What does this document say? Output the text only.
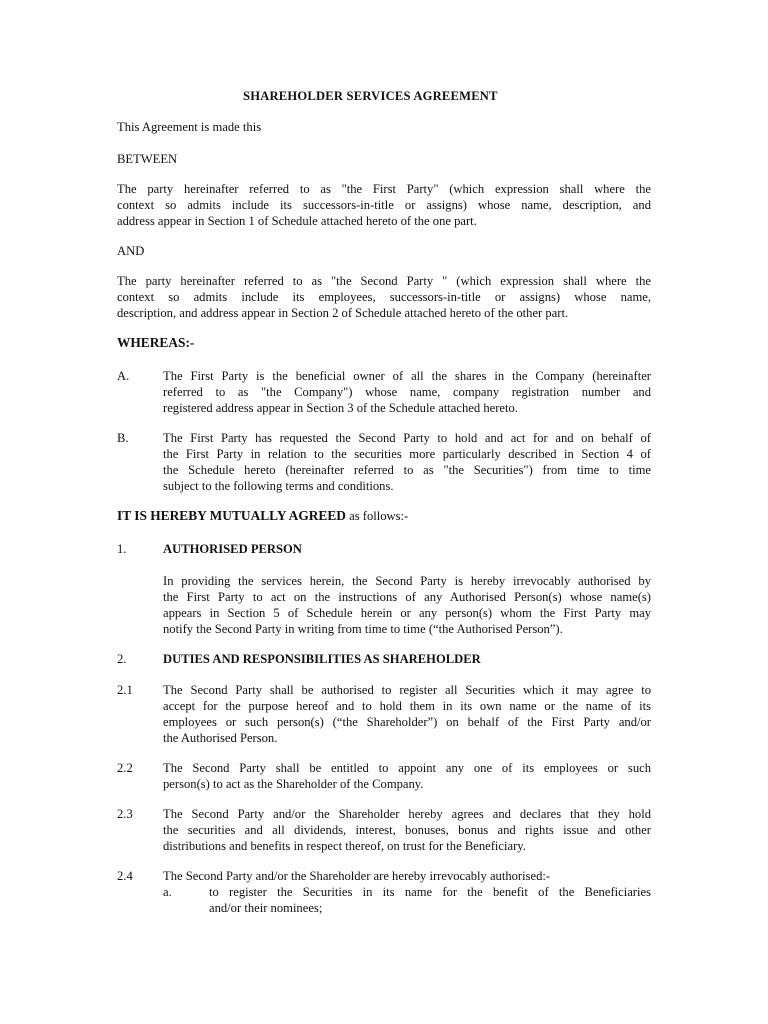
SHAREHOLDER SERVICES AGREEMENT
This Agreement is made this
BETWEEN
The party hereinafter referred to as "the First Party" (which expression shall where the
context so admits include its successors-in-title or assigns) whose name, description, and
address appear in Section 1 of Schedule attached hereto of the one part.
AND
The party hereinafter referred to as "the Second Party " (which expression shall where the
context so admits include its employees, successors-in-title or assigns) whose name,
description, and address appear in Section 2 of Schedule attached hereto of the other part.
WHEREAS:-
A.	The First Party is the beneficial owner of all the shares in the Company (hereinafter
referred to as "the Company") whose name, company registration number and
registered address appear in Section 3 of the Schedule attached hereto.
B.	The First Party has requested the Second Party to hold and act for and on behalf of
the First Party in relation to the securities more particularly described in Section 4 of
the Schedule hereto (hereinafter referred to as "the Securities") from time to time
subject to the following terms and conditions.
IT IS HEREBY MUTUALLY AGREED as follows:-
1.	AUTHORISED PERSON
In providing the services herein, the Second Party is hereby irrevocably authorised by
the First Party to act on the instructions of any Authorised Person(s) whose name(s)
appears in Section 5 of Schedule herein or any person(s) whom the First Party may
notify the Second Party in writing from time to time (“the Authorised Person”).
2.	DUTIES AND RESPONSIBILITIES AS SHAREHOLDER
2.1 The Second Party shall be authorised to register all Securities which it may agree to
accept for the purpose hereof and to hold them in its own name or the name of its
employees or such person(s) (“the Shareholder”) on behalf of the First Party and/or
the Authorised Person.
2.2 The Second Party shall be entitled to appoint any one of its employees or such
person(s) to act as the Shareholder of the Company.
2.3 The Second Party and/or the Shareholder hereby agrees and declares that they hold
the securities and all dividends, interest, bonuses, bonus and rights issue and other
distributions and benefits in respect thereof, on trust for the Beneficiary.
2.4 The Second Party and/or the Shareholder are hereby irrevocably authorised:-
a.	to register the Securities in its name for the benefit of the Beneficiaries
and/or their nominees;
